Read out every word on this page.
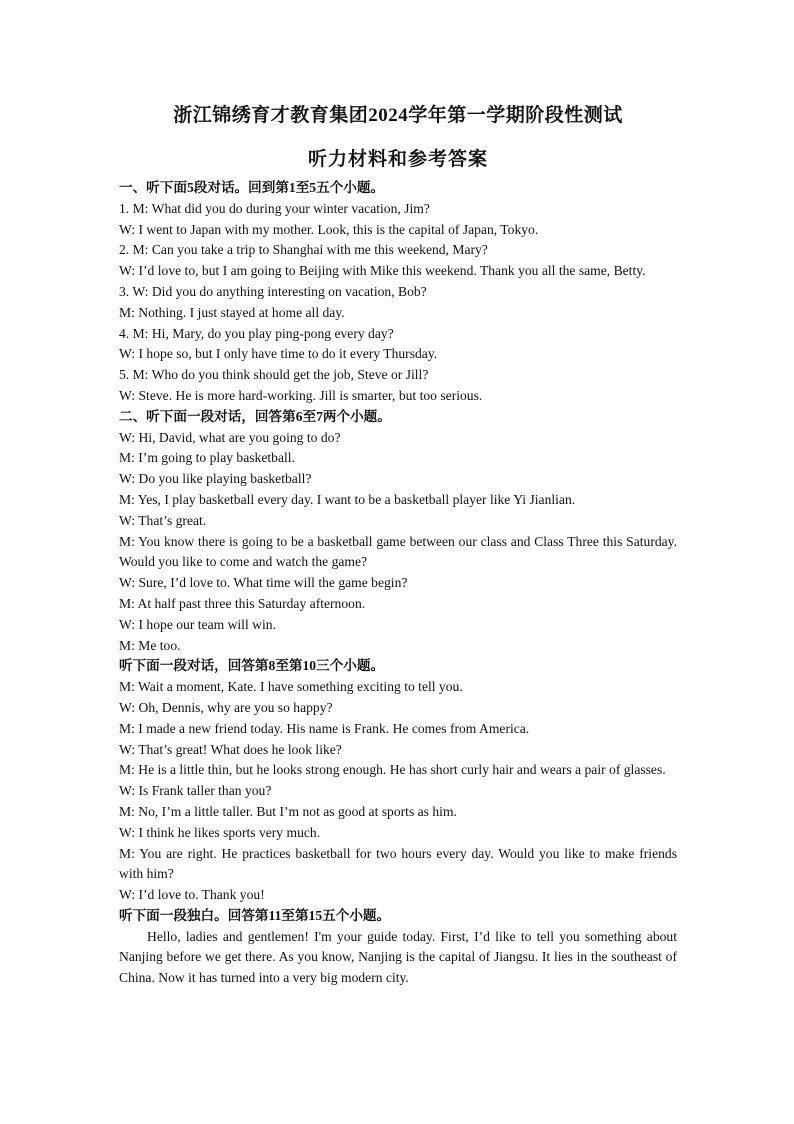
浙江锦绣育才教育集团2024学年第一学期阶段性测试
听力材料和参考答案
一、听下面5段对话。回到第1至5五个小题。
1. M: What did you do during your winter vacation, Jim?
W: I went to Japan with my mother. Look, this is the capital of Japan, Tokyo.
2. M: Can you take a trip to Shanghai with me this weekend, Mary?
W: I’d love to, but I am going to Beijing with Mike this weekend. Thank you all the same, Betty.
3. W: Did you do anything interesting on vacation, Bob?
M: Nothing. I just stayed at home all day.
4. M: Hi, Mary, do you play ping-pong every day?
W: I hope so, but I only have time to do it every Thursday.
5. M: Who do you think should get the job, Steve or Jill?
W: Steve. He is more hard-working. Jill is smarter, but too serious.
二、听下面一段对话，回答第6至7两个小题。
W: Hi, David, what are you going to do?
M: I’m going to play basketball.
W: Do you like playing basketball?
M: Yes, I play basketball every day. I want to be a basketball player like Yi Jianlian.
W: That’s great.
M: You know there is going to be a basketball game between our class and Class Three this Saturday. Would you like to come and watch the game?
W: Sure, I’d love to. What time will the game begin?
M: At half past three this Saturday afternoon.
W: I hope our team will win.
M: Me too.
听下面一段对话，回答第8至第10三个小题。
M: Wait a moment, Kate. I have something exciting to tell you.
W: Oh, Dennis, why are you so happy?
M: I made a new friend today. His name is Frank. He comes from America.
W: That’s great! What does he look like?
M: He is a little thin, but he looks strong enough. He has short curly hair and wears a pair of glasses.
W: Is Frank taller than you?
M: No, I’m a little taller. But I’m not as good at sports as him.
W: I think he likes sports very much.
M: You are right. He practices basketball for two hours every day. Would you like to make friends with him?
W: I’d love to. Thank you!
听下面一段独白。回答第11至第15五个小题。
Hello, ladies and gentlemen! I'm your guide today. First, I’d like to tell you something about Nanjing before we get there. As you know, Nanjing is the capital of Jiangsu. It lies in the southeast of China. Now it has turned into a very big modern city.
